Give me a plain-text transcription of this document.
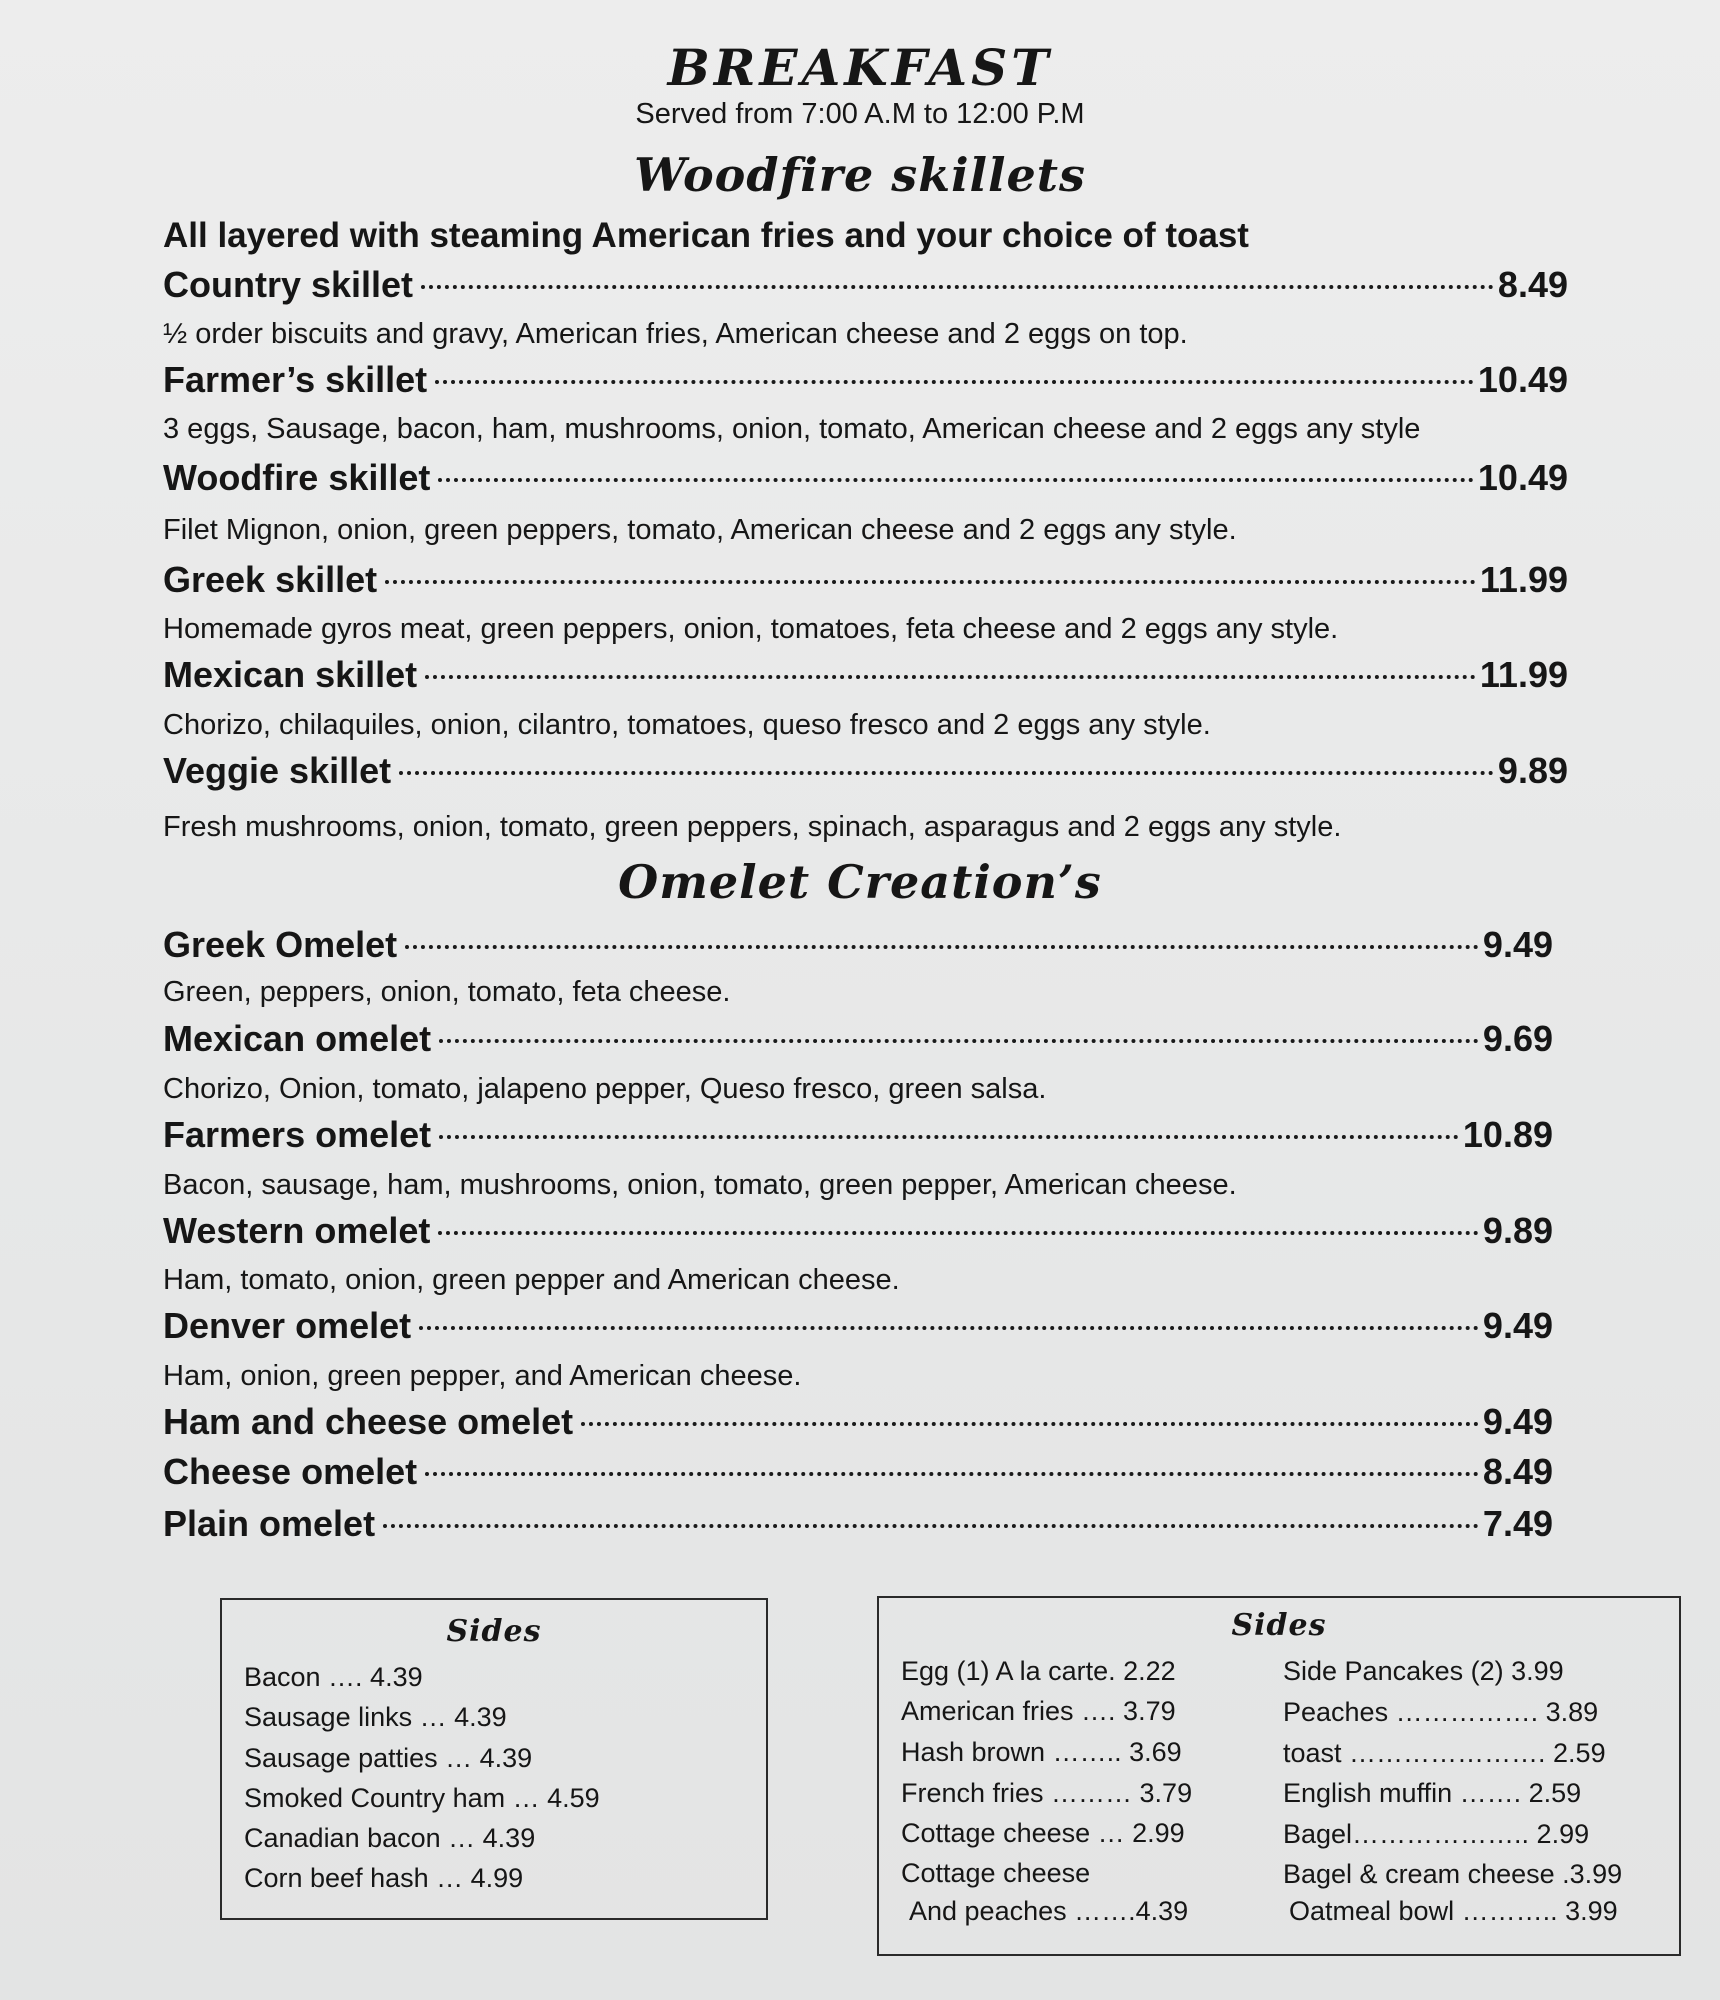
BREAKFAST
Served from 7:00 A.M to 12:00 P.M
Woodfire skillets
All layered with steaming American fries and your choice of toast
Country skillet	8.49
½ order biscuits and gravy, American fries, American cheese and 2 eggs on top.
Farmer’s skillet	10.49
3 eggs, Sausage, bacon, ham, mushrooms, onion, tomato, American cheese and 2 eggs any style
Woodfire skillet	10.49
Filet Mignon, onion, green peppers, tomato, American cheese and 2 eggs any style.
Greek skillet	11.99
Homemade gyros meat, green peppers, onion, tomatoes, feta cheese and 2 eggs any style.
Mexican skillet	11.99
Chorizo, chilaquiles, onion, cilantro, tomatoes, queso fresco and 2 eggs any style.
Veggie skillet	9.89
Fresh mushrooms, onion, tomato, green peppers, spinach, asparagus and 2 eggs any style.
Omelet Creation’s
Greek Omelet	9.49
Green, peppers, onion, tomato, feta cheese.
Mexican omelet	9.69
Chorizo, Onion, tomato, jalapeno pepper, Queso fresco, green salsa.
Farmers omelet	10.89
Bacon, sausage, ham, mushrooms, onion, tomato, green pepper, American cheese.
Western omelet	9.89
Ham, tomato, onion, green pepper and American cheese.
Denver omelet	9.49
Ham, onion, green pepper, and American cheese.
Ham and cheese omelet	9.49
Cheese omelet	8.49
Plain omelet	7.49
Sides
Bacon …. 4.39
Sausage links … 4.39
Sausage patties … 4.39
Smoked Country ham … 4.59
Canadian bacon … 4.39
Corn beef hash … 4.99
Sides
Egg (1) A la carte. 2.22
American fries …. 3.79
Hash brown …….. 3.69
French fries ……… 3.79
Cottage cheese … 2.99
Cottage cheese
And peaches …….4.39
Side Pancakes (2) 3.99
Peaches ……………. 3.89
toast …………………. 2.59
English muffin ……. 2.59
Bagel……………….. 2.99
Bagel & cream cheese .3.99
Oatmeal bowl ……….. 3.99
